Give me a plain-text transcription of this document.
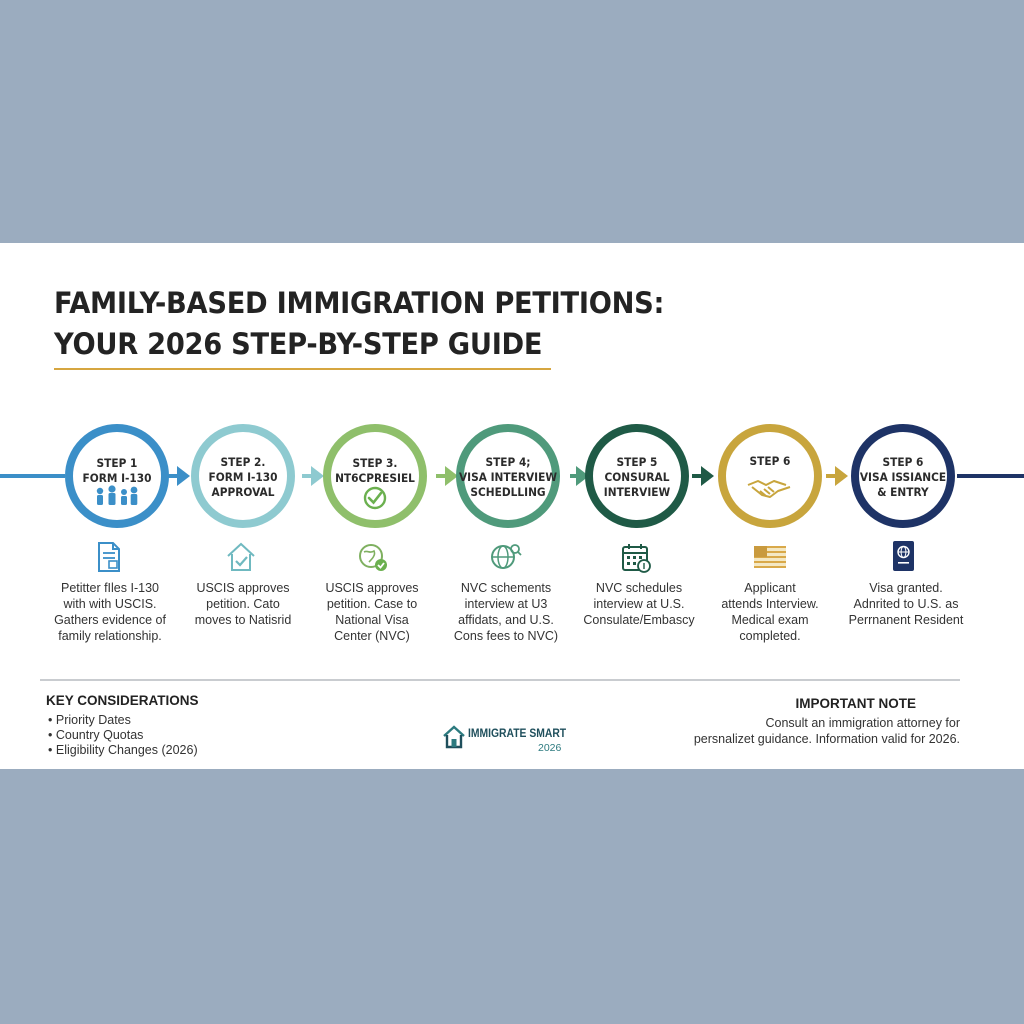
FAMILY-BASED IMMIGRATION PETITIONS:
YOUR 2026 STEP-BY-STEP GUIDE
STEP 1
FORM I-130
STEP 2.
FORM I-130
APPROVAL
STEP 3.
NT6CPRESIEL
STEP 4;
VISA INTERVIEW
SCHEDLLING
STEP 5
CONSURAL
INTERVIEW
STEP 6	STEP 6
VISA ISSIANCE
& ENTRY
Petitter fIles I-130
with with USCIS.
Gathers evidence of
family relationship.
USCIS approves
petition. Cato
moves to Natisrid
USCIS approves
petition. Case to
National Visa
Center (NVC)
NVC schements
interview at U3
affidats, and U.S.
Cons fees to NVC)
NVC schedules
interview at U.S.
Consulate/Embascy
Applicant
attends Interview.
Medical exam
completed.
Visa granted.
Adnrited to U.S. as
Perrnanent Resident
KEY CONSIDERATIONS
• Priority Dates
• Country Quotas
• Eligibility Changes (2026)
IMMIGRATE SMART
2026
IMPORTANT NOTE
Consult an immigration attorney for
persnalizet guidance. Information valid for 2026.
